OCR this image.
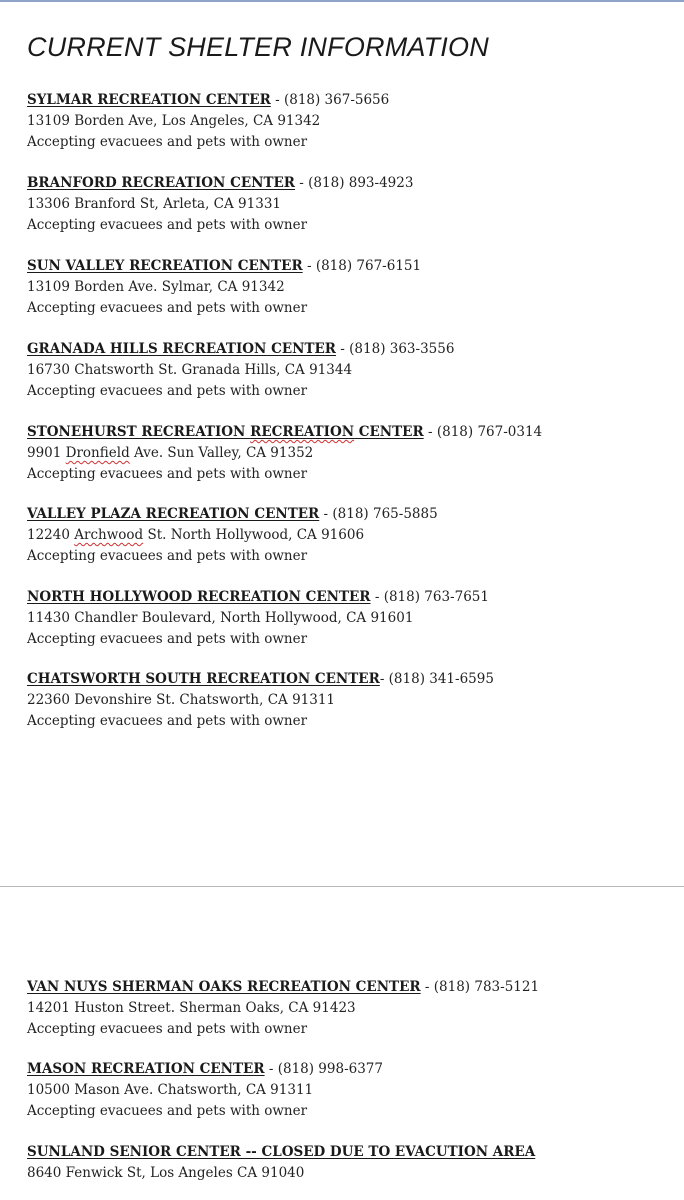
CURRENT SHELTER INFORMATION
SYLMAR RECREATION CENTER - (818) 367-5656
13109 Borden Ave, Los Angeles, CA 91342
Accepting evacuees and pets with owner
BRANFORD RECREATION CENTER - (818) 893-4923
13306 Branford St, Arleta, CA 91331
Accepting evacuees and pets with owner
SUN VALLEY RECREATION CENTER - (818) 767-6151
13109 Borden Ave. Sylmar, CA 91342
Accepting evacuees and pets with owner
GRANADA HILLS RECREATION CENTER - (818) 363-3556
16730 Chatsworth St. Granada Hills, CA 91344
Accepting evacuees and pets with owner
STONEHURST RECREATION RECREATION CENTER - (818) 767-0314
9901 Dronfield Ave. Sun Valley, CA 91352
Accepting evacuees and pets with owner
VALLEY PLAZA RECREATION CENTER - (818) 765-5885
12240 Archwood St. North Hollywood, CA 91606
Accepting evacuees and pets with owner
NORTH HOLLYWOOD RECREATION CENTER - (818) 763-7651
11430 Chandler Boulevard, North Hollywood, CA 91601
Accepting evacuees and pets with owner
CHATSWORTH SOUTH RECREATION CENTER- (818) 341-6595
22360 Devonshire St. Chatsworth, CA 91311
Accepting evacuees and pets with owner
VAN NUYS SHERMAN OAKS RECREATION CENTER - (818) 783-5121
14201 Huston Street. Sherman Oaks, CA 91423
Accepting evacuees and pets with owner
MASON RECREATION CENTER - (818) 998-6377
10500 Mason Ave. Chatsworth, CA 91311
Accepting evacuees and pets with owner
SUNLAND SENIOR CENTER -- CLOSED DUE TO EVACUTION AREA
8640 Fenwick St, Los Angeles CA 91040
